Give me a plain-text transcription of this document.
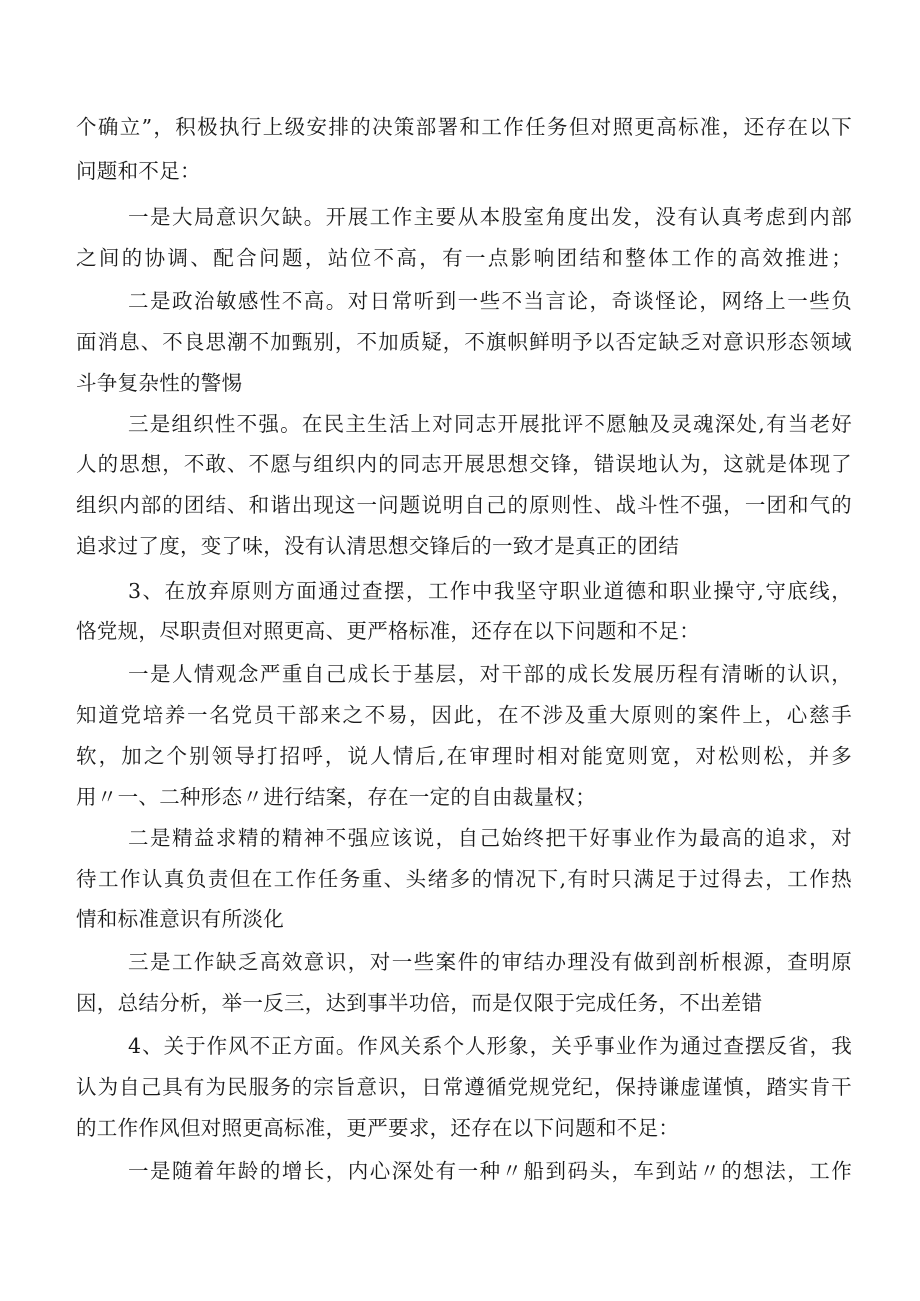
个确立”，积极执行上级安排的决策部署和工作任务但对照更高标准，还存在以下
问题和不足：
一是大局意识欠缺。开展工作主要从本股室角度出发，没有认真考虑到内部
之间的协调、配合问题，站位不高，有一点影响团结和整体工作的高效推进；
二是政治敏感性不高。对日常听到一些不当言论，奇谈怪论，网络上一些负
面消息、不良思潮不加甄别，不加质疑，不旗帜鲜明予以否定缺乏对意识形态领域
斗争复杂性的警惕
三是组织性不强。在民主生活上对同志开展批评不愿触及灵魂深处,有当老好
人的思想，不敢、不愿与组织内的同志开展思想交锋，错误地认为，这就是体现了
组织内部的团结、和谐出现这一问题说明自己的原则性、战斗性不强，一团和气的
追求过了度，变了味，没有认清思想交锋后的一致才是真正的团结
3、在放弃原则方面通过查摆，工作中我坚守职业道德和职业操守,守底线，
恪党规，尽职责但对照更高、更严格标准，还存在以下问题和不足：
一是人情观念严重自己成长于基层，对干部的成长发展历程有清晰的认识，
知道党培养一名党员干部来之不易，因此，在不涉及重大原则的案件上，心慈手
软，加之个别领导打招呼，说人情后,在审理时相对能宽则宽，对松则松，并多
用〃一、二种形态〃进行结案，存在一定的自由裁量权；
二是精益求精的精神不强应该说，自己始终把干好事业作为最高的追求，对
待工作认真负责但在工作任务重、头绪多的情况下,有时只满足于过得去，工作热
情和标准意识有所淡化
三是工作缺乏高效意识，对一些案件的审结办理没有做到剖析根源，查明原
因，总结分析，举一反三，达到事半功倍，而是仅限于完成任务，不出差错
4、关于作风不正方面。作风关系个人形象，关乎事业作为通过查摆反省，我
认为自己具有为民服务的宗旨意识，日常遵循党规党纪，保持谦虚谨慎，踏实肯干
的工作作风但对照更高标准，更严要求，还存在以下问题和不足：
一是随着年龄的增长，内心深处有一种〃船到码头，车到站〃的想法，工作
